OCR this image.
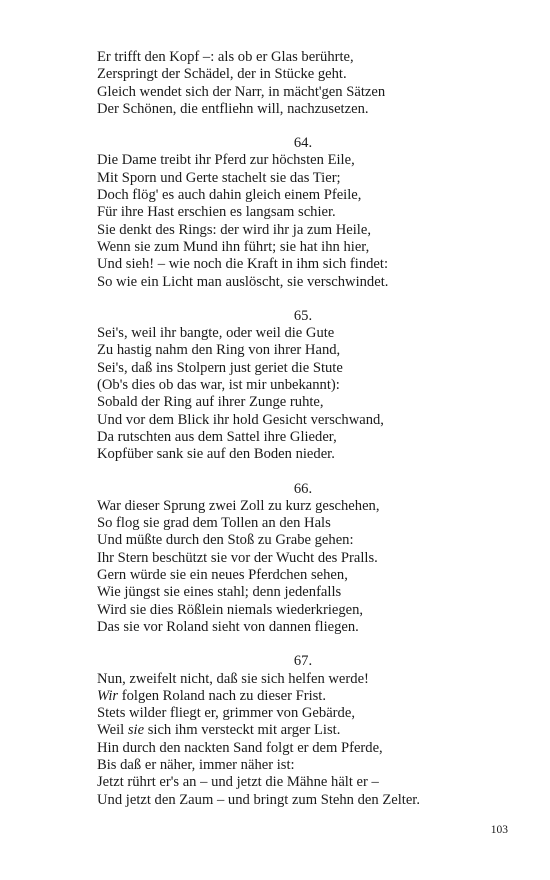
Er trifft den Kopf –: als ob er Glas berührte,
Zerspringt der Schädel, der in Stücke geht.
Gleich wendet sich der Narr, in mächt'gen Sätzen
Der Schönen, die entfliehn will, nachzusetzen.
64.
Die Dame treibt ihr Pferd zur höchsten Eile,
Mit Sporn und Gerte stachelt sie das Tier;
Doch flög' es auch dahin gleich einem Pfeile,
Für ihre Hast erschien es langsam schier.
Sie denkt des Rings: der wird ihr ja zum Heile,
Wenn sie zum Mund ihn führt; sie hat ihn hier,
Und sieh! – wie noch die Kraft in ihm sich findet:
So wie ein Licht man auslöscht, sie verschwindet.
65.
Sei's, weil ihr bangte, oder weil die Gute
Zu hastig nahm den Ring von ihrer Hand,
Sei's, daß ins Stolpern just geriet die Stute
(Ob's dies ob das war, ist mir unbekannt):
Sobald der Ring auf ihrer Zunge ruhte,
Und vor dem Blick ihr hold Gesicht verschwand,
Da rutschten aus dem Sattel ihre Glieder,
Kopfüber sank sie auf den Boden nieder.
66.
War dieser Sprung zwei Zoll zu kurz geschehen,
So flog sie grad dem Tollen an den Hals
Und müßte durch den Stoß zu Grabe gehen:
Ihr Stern beschützt sie vor der Wucht des Pralls.
Gern würde sie ein neues Pferdchen sehen,
Wie jüngst sie eines stahl; denn jedenfalls
Wird sie dies Rößlein niemals wiederkriegen,
Das sie vor Roland sieht von dannen fliegen.
67.
Nun, zweifelt nicht, daß sie sich helfen werde!
Wir folgen Roland nach zu dieser Frist.
Stets wilder fliegt er, grimmer von Gebärde,
Weil sie sich ihm versteckt mit arger List.
Hin durch den nackten Sand folgt er dem Pferde,
Bis daß er näher, immer näher ist:
Jetzt rührt er's an – und jetzt die Mähne hält er –
Und jetzt den Zaum – und bringt zum Stehn den Zelter.
103
